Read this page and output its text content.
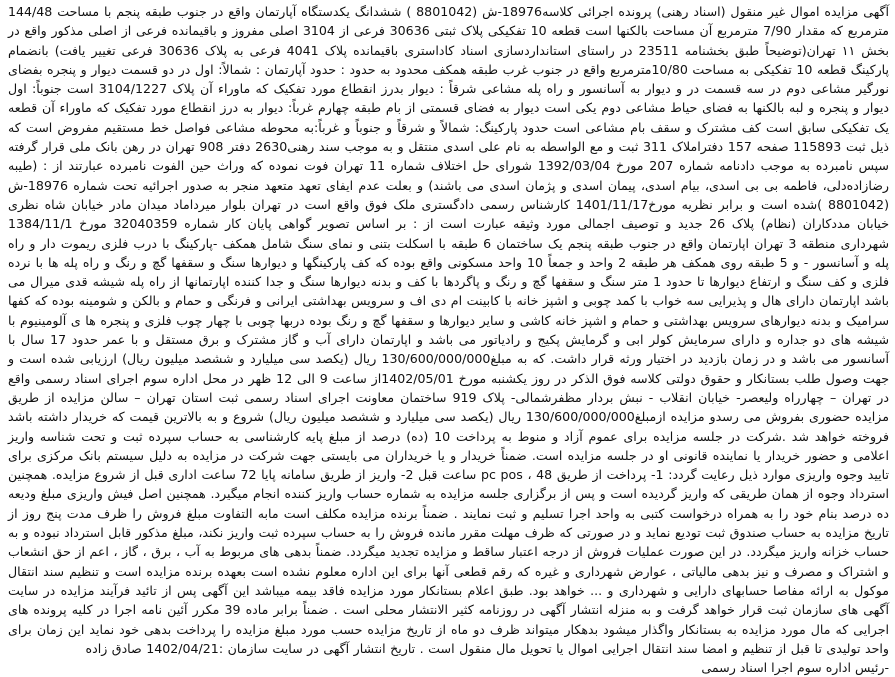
آگهی مزایده اموال غیر منقول (اسناد رهنی) پرونده اجرائی کلاسه18976-ش (8801042 ) ششدانگ یکدستگاه آپارتمان واقع در جنوب طبقه پنجم با مساحت 144/48 مترمربع که مقدار 7/90 مترمربع آن مساحت بالکنها است قطعه 10 تفکیکی پلاک ثبتی 30636 فرعی از 3104 اصلی مفروز و باقیمانده فرعی از اصلی مذکور واقع در بخش ۱۱ تهران(توضیحاً طبق بخشنامه 23511 در راستای استانداردسازی اسناد کاداستری باقیمانده پلاک 4041 فرعی به پلاک 30636 فرعی تغییر یافت) بانضمام پارکینگ قطعه 10 تفکیکی به مساحت 10/80مترمربع واقع در جنوب غرب طبقه همکف محدود به حدود : حدود آپارتمان : شمالاً: اول در دو قسمت دیوار و پنجره بفضای نورگیر مشاعی دوم در سه قسمت در و دیوار به آسانسور و راه پله مشاعی شرقاً : دیوار بدرز انقطاع مورد تفکیک که ماوراء آن پلاک 3104/1227 است جنوباً: اول دیوار و پنجره و لبه بالکنها به فضای حیاط مشاعی دوم یکی است دیوار به فضای قسمتی از بام طبقه چهارم غرباً: دیوار به درز انقطاع مورد تفکیک که ماوراء آن قطعه یک تفکیکی سابق است کف مشترک و سقف بام مشاعی است حدود پارکینگ: شمالاً و شرقاً و جنوباً و غرباً:به محوطه مشاعی فواصل خط مستقیم مفروض است که ذیل ثبت 115893 صفحه 157 دفتراملاک 311 ثبت و مع الواسطه به نام علی اسدی منتقل و به موجب سند رهنی2630 دفتر 908 تهران در رهن بانک ملی قرار گرفته سپس نامبرده به موجب دادنامه شماره 207 مورخ 1392/03/04 شورای حل اختلاف شماره 11 تهران فوت نموده که وراث حین الفوت نامبرده عبارتند از : (طیبه رضازاده‌دلی، فاطمه بی بی اسدی، بیام اسدی، پیمان اسدی و پژمان اسدی می باشند) و بعلت عدم ایفای تعهد متعهد منجر به صدور اجرائیه تحت شماره 18976-ش (8801042 )شده است و برابر نظریه مورخ1401/11/17 کارشناس رسمی دادگستری ملک فوق واقع است در تهران بلوار میرداماد میدان مادر خیابان شاه نظری خیابان مددکاران (نظام) پلاک 26 جدید و توصیف اجمالی مورد وثیقه عبارت است از : بر اساس تصویر گواهی پایان کار شماره 32040359 مورخ 1384/11/1 شهرداری منطقه 3 تهران اپارتمان واقع در جنوب طبقه پنجم یک ساختمان 6 طبقه با اسکلت بتنی و نمای سنگ شامل همکف -پارکینگ با درب فلزی ریموت دار و راه پله و آسانسور - و 5 طبقه روی همکف هر طبقه 2 واحد و جمعاً 10 واحد مسکونی واقع بوده که کف پارکینگها و دیوارها سنگ و سقفها گچ و رنگ و راه پله ها با نرده فلزی و کف سنگ و ارتفاع دیوارها تا حدود 1 متر سنگ و سقفها گچ و رنگ و پاگردها با کف و بدنه دیوارها سنگ و جدا کننده اپارتمانها از راه پله شیشه قدی میرال می باشد اپارتمان دارای هال و پذیرایی سه خواب با کمد چوبی و اشپز خانه با کابینت ام دی اف و سرویس بهداشتی ایرانی و فرنگی و حمام و بالکن و شومینه بوده که کفها سرامیک و بدنه دیوارهای سرویس بهداشتی و حمام و اشپز خانه کاشی و سایر دیوارها و سقفها گچ و رنگ بوده دربها چوبی با چهار چوب فلزی و پنجره ها ی آلومینیوم با شیشه های دو جداره و دارای سرمایش کولر ابی و گرمایش پکیج و رادیاتور می باشد و اپارتمان دارای آب و گاز مشترک و برق مستقل و با عمر حدود 17 سال با آسانسور می باشد و در زمان بازدید در اختیار ورثه قرار داشت. که به مبلغ130/600/000/000 ریال (یکصد سی میلیارد و ششصد میلیون ریال) ارزیابی شده است و جهت وصول طلب بستانکار و حقوق دولتی کلاسه فوق الذکر در روز یکشنبه مورخ 1402/05/01از ساعت 9 الی 12 ظهر در محل اداره سوم اجرای اسناد رسمی واقع در تهران – چهارراه ولیعصر- خیابان انقلاب - نبش بردار مظفرشمالی- پلاک 919 ساختمان معاونت اجرای اسناد رسمی ثبت استان تهران – سالن مزایده از طریق مزایده حضوری بفروش می رسدو مزایده ازمبلغ130/600/000/000 ریال (یکصد سی میلیارد و ششصد میلیون ریال) شروع و به بالاترین قیمت که خریدار داشته باشد فروخته خواهد شد .شرکت در جلسه مزایده برای عموم آزاد و منوط به پرداخت 10 (ده) درصد از مبلغ پایه کارشناسی به حساب سپرده ثبت و تحت شناسه واریز اعلامی و حضور خریدار یا نماینده قانونی او در جلسه مزایده است. ضمناً خریدار و یا خریداران می بایستی جهت شرکت در مزایده به دلیل سیستم بانک مرکزی برای تایید وجوه واریزی موارد ذیل رعایت گردد: 1- پرداخت از طریق pc pos ، 48 ساعت قبل 2- واریز از طریق سامانه پایا 72 ساعت اداری قبل از شروع مزایده. همچنین استرداد وجوه از همان طریقی که واریز گردیده است و پس از برگزاری جلسه مزایده به شماره حساب واریز کننده انجام میگیرد. همچنین اصل فیش واریزی مبلغ ودیعه ده درصد بنام خود را به همراه درخواست کتبی به واحد اجرا تسلیم و ثبت نمایند . ضمناً برنده مزایده مکلف است مابه التفاوت مبلغ فروش را ظرف مدت پنج روز از تاریخ مزایده به حساب صندوق ثبت تودیع نماید و در صورتی که ظرف مهلت مقرر مانده فروش را به حساب سپرده ثبت واریز نکند، مبلغ مذکور قابل استرداد نبوده و به حساب خزانه واریز میگردد. در این صورت عملیات فروش از درجه اعتبار ساقط و مزایده تجدید میگردد. ضمناً بدهی های مربوط به آب ، برق ، گاز ، اعم از حق انشعاب و اشتراک و مصرف و نیز بدهی مالیاتی ، عوارض شهرداری و غیره که رقم قطعی آنها برای این اداره معلوم نشده است بعهده برنده مزایده است و تنظیم سند انتقال موکول به ارائه مفاصا حسابهای دارایی و شهرداری و ... خواهد بود. طبق اعلام بستانکار مورد مزایده فاقد بیمه میباشد این آگهی پس از تائید فرآیند مزایده در سایت آگهی های سازمان ثبت قرار خواهد گرفت و به منزله انتشار آگهی در روزنامه کثیر الانتشار محلی است . ضمناً برابر ماده 39 مکرر آئین نامه اجرا در کلیه پرونده های اجرایی که مال مورد مزایده به بستانکار واگذار میشود بدهکار میتواند ظرف دو ماه از تاریخ مزایده حسب مورد مبلغ مزایده را پرداخت بدهی خود نماید این زمان برای واحد تولیدی تا قبل از تنظیم و امضا سند انتقال اجرایی اموال یا تحویل مال منقول است . تاریخ انتشار آگهی در سایت سازمان :1402/04/21 صادق زاده

-رئیس اداره سوم اجرا اسناد رسمی
